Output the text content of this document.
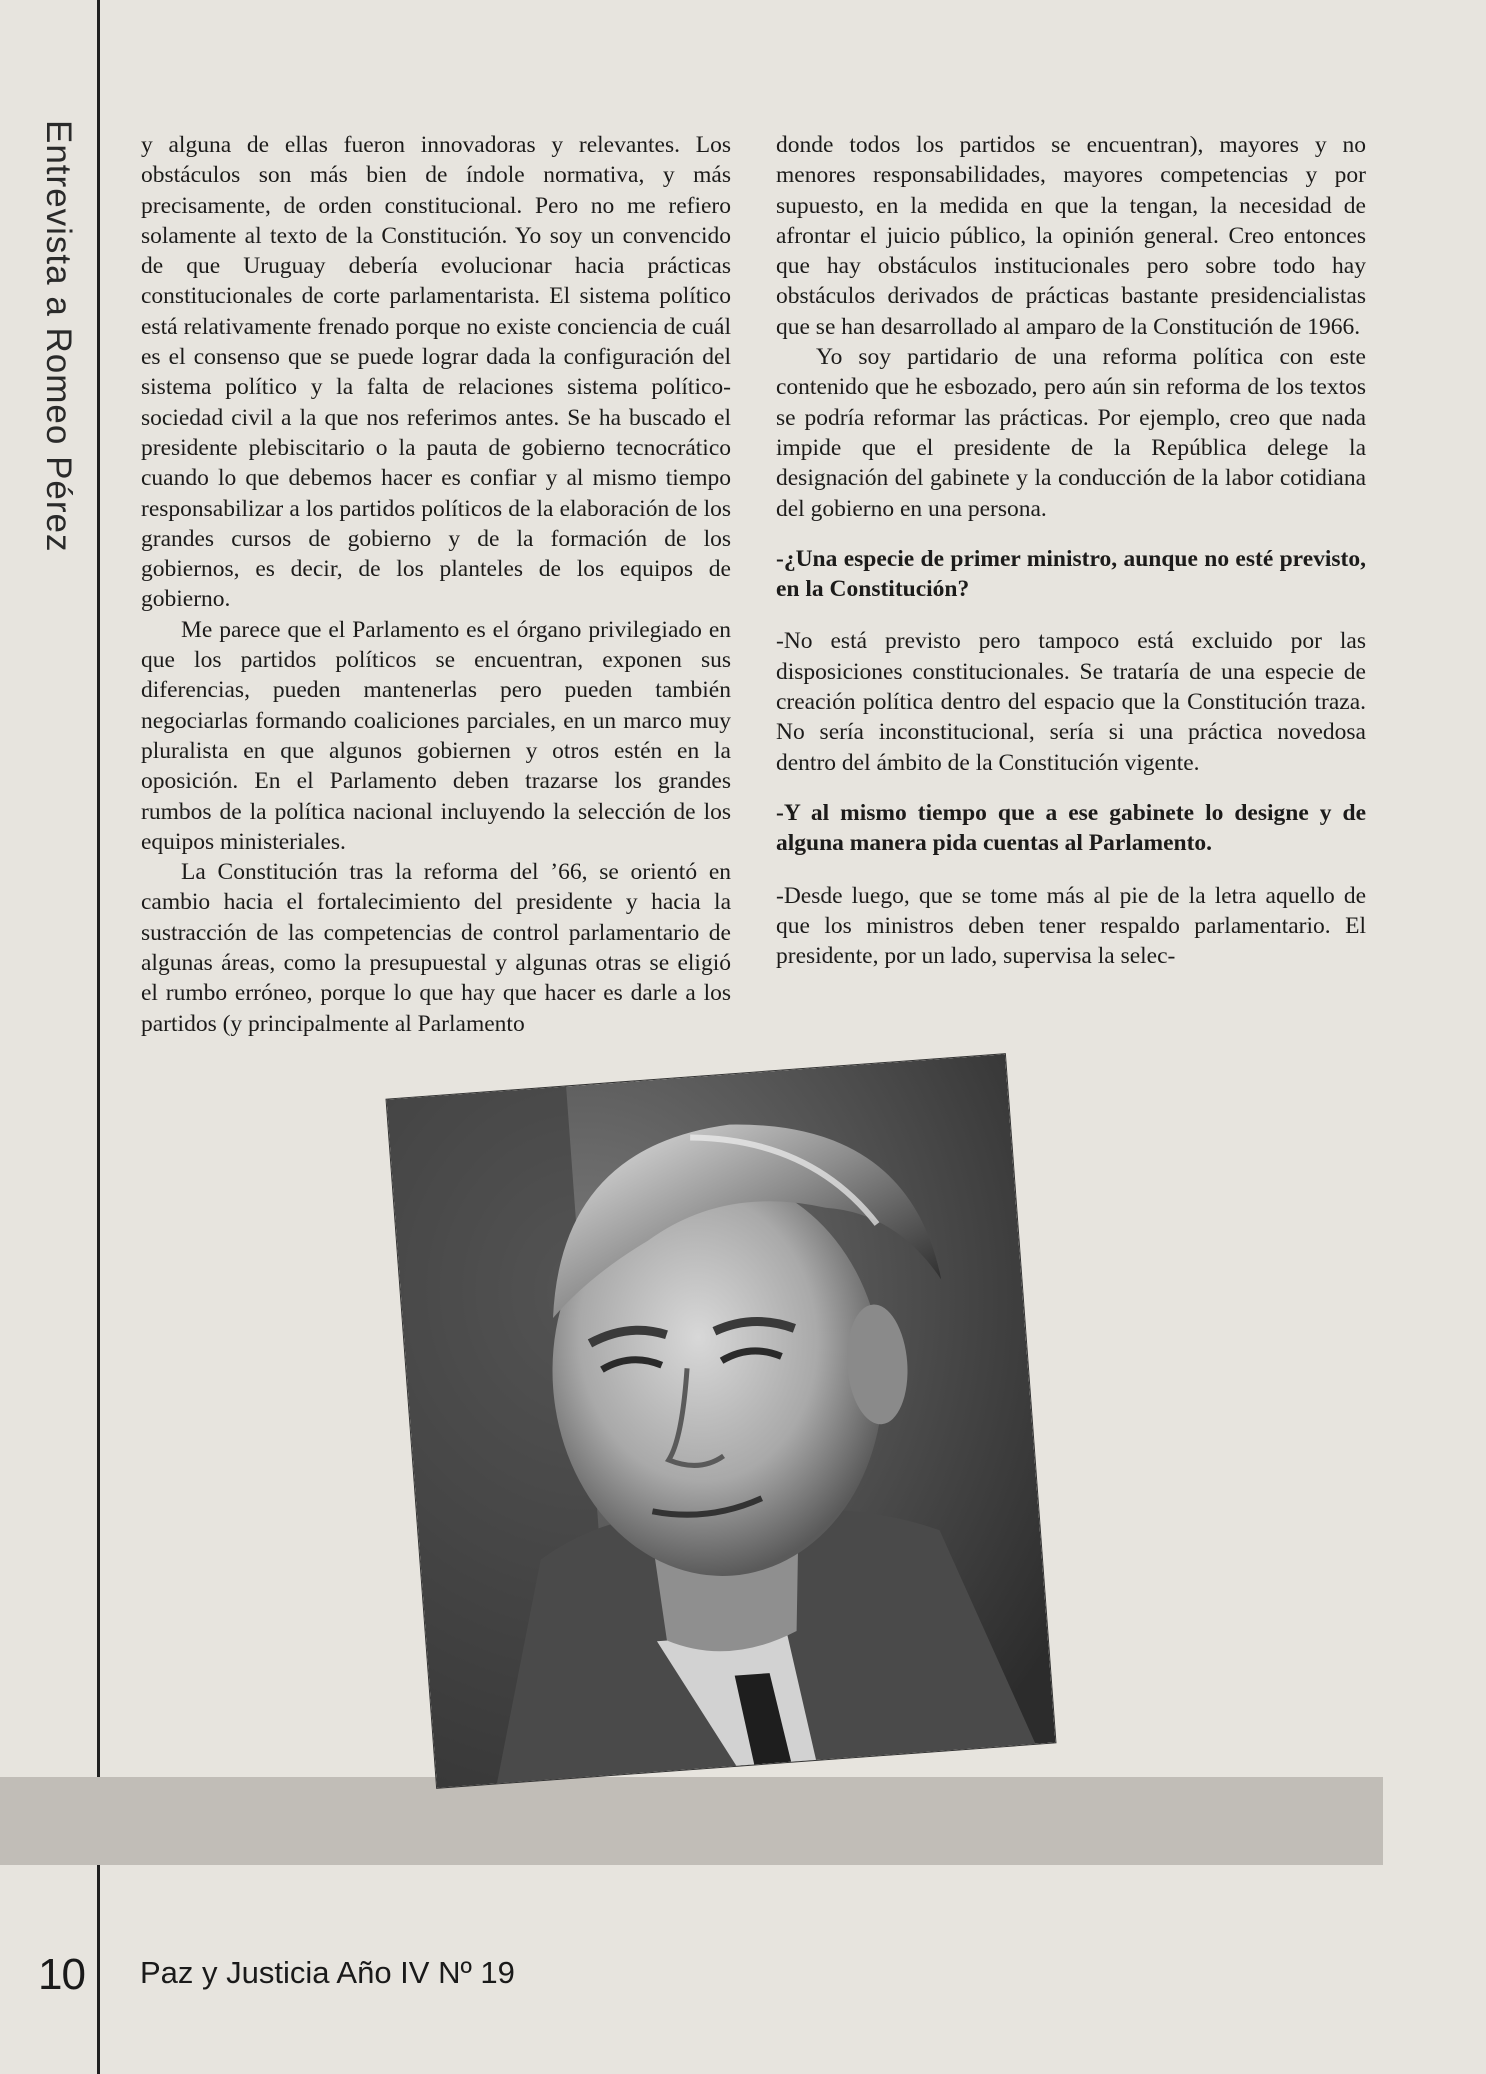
Entrevista a Romeo Pérez	y alguna de ellas fueron innovadoras y relevantes. Los obstáculos son más bien de índole normativa, y más precisamente, de orden constitucional. Pero no me refiero solamente al texto de la Constitución. Yo soy un convencido de que Uruguay debería evolucionar hacia prácticas constitucionales de corte parlamentarista. El sistema político está relativamente frenado porque no existe conciencia de cuál es el consenso que se puede lograr dada la configuración del sistema político y la falta de relaciones sistema político-sociedad civil a la que nos referimos antes. Se ha buscado el presidente plebiscitario o la pauta de gobierno tecnocrático cuando lo que debemos hacer es confiar y al mismo tiempo responsabilizar a los partidos políticos de la elaboración de los grandes cursos de gobierno y de la formación de los gobiernos, es decir, de los planteles de los equipos de gobierno.

Me parece que el Parlamento es el órgano privilegiado en que los partidos políticos se encuentran, exponen sus diferencias, pueden mantenerlas pero pueden también negociarlas formando coaliciones parciales, en un marco muy pluralista en que algunos gobiernen y otros estén en la oposición. En el Parlamento deben trazarse los grandes rumbos de la política nacional incluyendo la selección de los equipos ministeriales.

La Constitución tras la reforma del ’66, se orientó en cambio hacia el fortalecimiento del presidente y hacia la sustracción de las competencias de control parlamentario de algunas áreas, como la presupuestal y algunas otras se eligió el rumbo erróneo, porque lo que hay que hacer es darle a los partidos (y principalmente al Parlamento

donde todos los partidos se encuentran), mayores y no menores responsabilidades, mayores competencias y por supuesto, en la medida en que la tengan, la necesidad de afrontar el juicio público, la opinión general. Creo entonces que hay obstáculos institucionales pero sobre todo hay obstáculos derivados de prácticas bastante presidencialistas que se han desarrollado al amparo de la Constitución de 1966.

Yo soy partidario de una reforma política con este contenido que he esbozado, pero aún sin reforma de los textos se podría reformar las prácticas. Por ejemplo, creo que nada impide que el presidente de la República delege la designación del gabinete y la conducción de la labor cotidiana del gobierno en una persona.

-¿Una especie de primer ministro, aunque no esté previsto, en la Constitución?

-No está previsto pero tampoco está excluido por las disposiciones constitucionales. Se trataría de una especie de creación política dentro del espacio que la Constitución traza. No sería inconstitucional, sería si una práctica novedosa dentro del ámbito de la Constitución vigente.

-Y al mismo tiempo que a ese gabinete lo designe y de alguna manera pida cuentas al Parlamento.

-Desde luego, que se tome más al pie de la letra aquello de que los ministros deben tener respaldo parlamentario. El presidente, por un lado, supervisa la selec-

10 Paz y Justicia Año IV Nº 19
